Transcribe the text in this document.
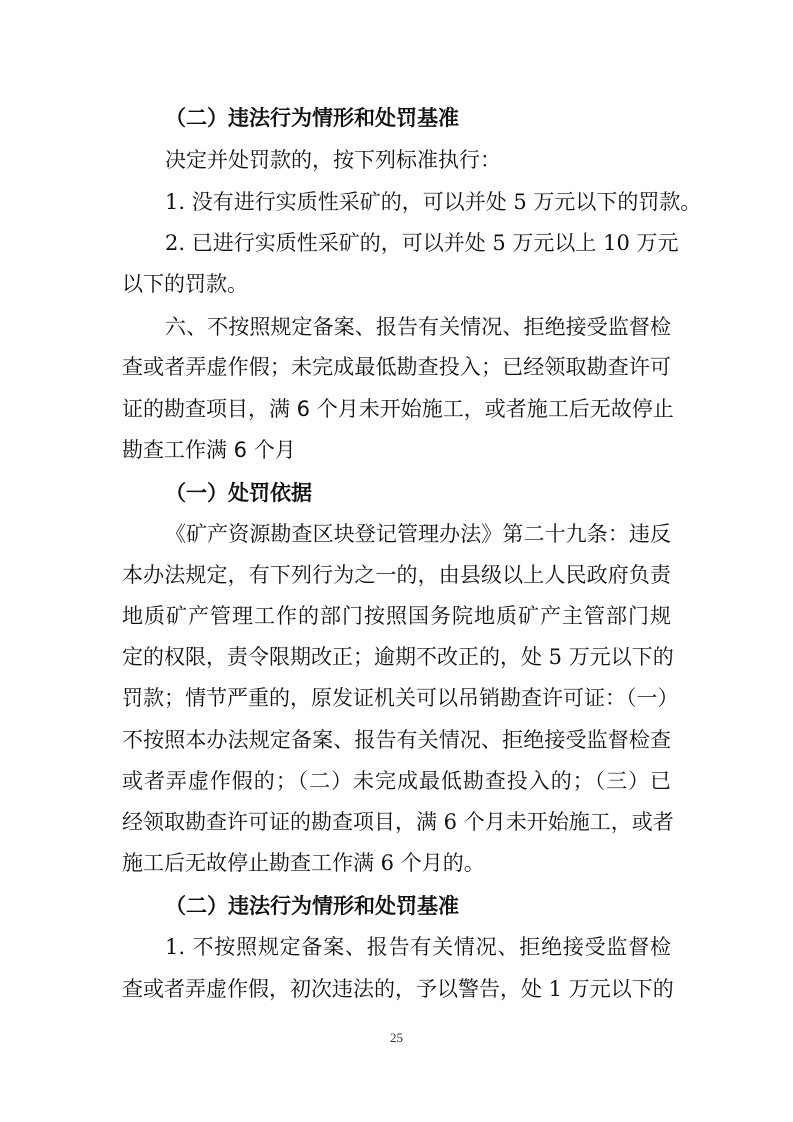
（二）违法行为情形和处罚基准
决定并处罚款的，按下列标准执行：
1. 没有进行实质性采矿的，可以并处 5 万元以下的罚款。
2. 已进行实质性采矿的，可以并处 5 万元以上 10 万元
以下的罚款。
六、不按照规定备案、报告有关情况、拒绝接受监督检
查或者弄虚作假；未完成最低勘查投入；已经领取勘查许可
证的勘查项目，满 6 个月未开始施工，或者施工后无故停止
勘查工作满 6 个月
（一）处罚依据
《矿产资源勘查区块登记管理办法》第二十九条：违反
本办法规定，有下列行为之一的，由县级以上人民政府负责
地质矿产管理工作的部门按照国务院地质矿产主管部门规
定的权限，责令限期改正；逾期不改正的，处 5 万元以下的
罚款；情节严重的，原发证机关可以吊销勘查许可证：（一）
不按照本办法规定备案、报告有关情况、拒绝接受监督检查
或者弄虚作假的；（二）未完成最低勘查投入的；（三）已
经领取勘查许可证的勘查项目，满 6 个月未开始施工，或者
施工后无故停止勘查工作满 6 个月的。
（二）违法行为情形和处罚基准
1. 不按照规定备案、报告有关情况、拒绝接受监督检
查或者弄虚作假，初次违法的，予以警告，处 1 万元以下的
25
